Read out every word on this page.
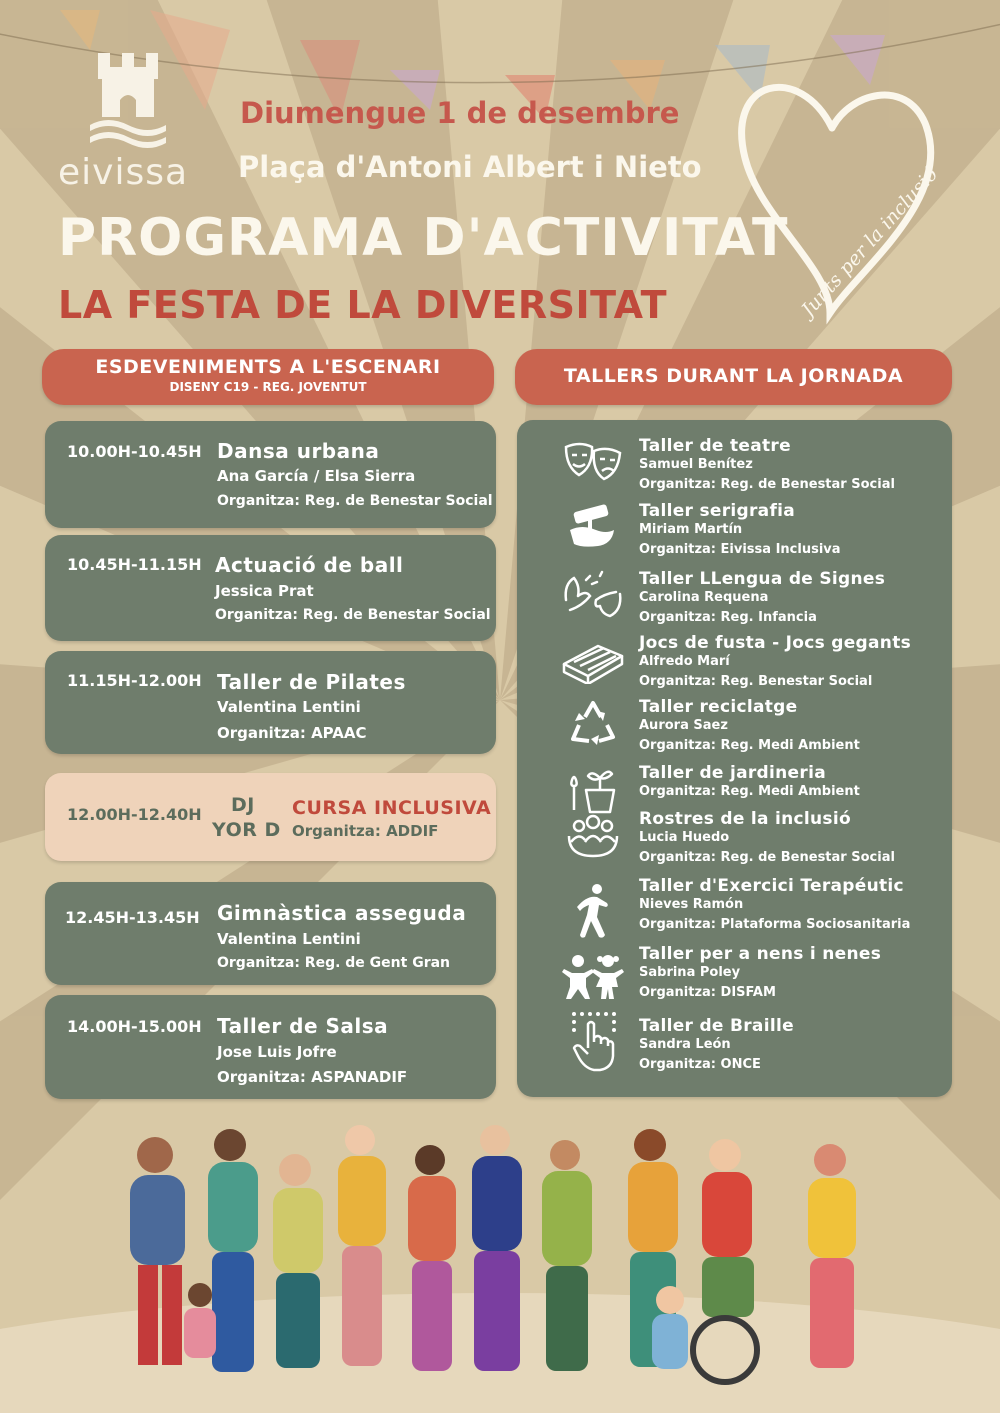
eivissa
Diumengue 1 de desembre
Plaça d'Antoni Albert i Nieto
PROGRAMA D'ACTIVITAT
LA FESTA DE LA DIVERSITAT	Junts per la inclusió
ESDEVENIMENTS A L'ESCENARI
DISENY C19 - REG. JOVENTUT	TALLERS DURANT LA JORNADA
10.00H-10.45H Dansa urbana
Ana García / Elsa Sierra
Organitza: Reg. de Benestar Social
10.45H-11.15H Actuació de ball
Jessica Prat
Organitza: Reg. de Benestar Social
11.15H-12.00H Taller de Pilates
Valentina Lentini
Organitza: APAAC
12.00H-12.40H DJ
YOR D
CURSA INCLUSIVA
Organitza: ADDIF
12.45H-13.45H Gimnàstica asseguda
Valentina Lentini
Organitza: Reg. de Gent Gran
14.00H-15.00H Taller de Salsa
Jose Luis Jofre
Organitza: ASPANADIF
Taller de teatre
Samuel Benítez
Organitza: Reg. de Benestar Social
Taller serigrafia
Miriam Martín
Organitza: Eivissa Inclusiva
Taller LLengua de Signes
Carolina Requena
Organitza: Reg. Infancia
Jocs de fusta - Jocs gegants
Alfredo Marí
Organitza: Reg. Benestar Social
Taller reciclatge
Aurora Saez
Organitza: Reg. Medi Ambient
Taller de jardineria
Organitza: Reg. Medi Ambient
Rostres de la inclusió
Lucia Huedo
Organitza: Reg. de Benestar Social
Taller d'Exercici Terapéutic
Nieves Ramón
Organitza: Plataforma Sociosanitaria
Taller per a nens i nenes
Sabrina Poley
Organitza: DISFAM
Taller de Braille
Sandra León
Organitza: ONCE
